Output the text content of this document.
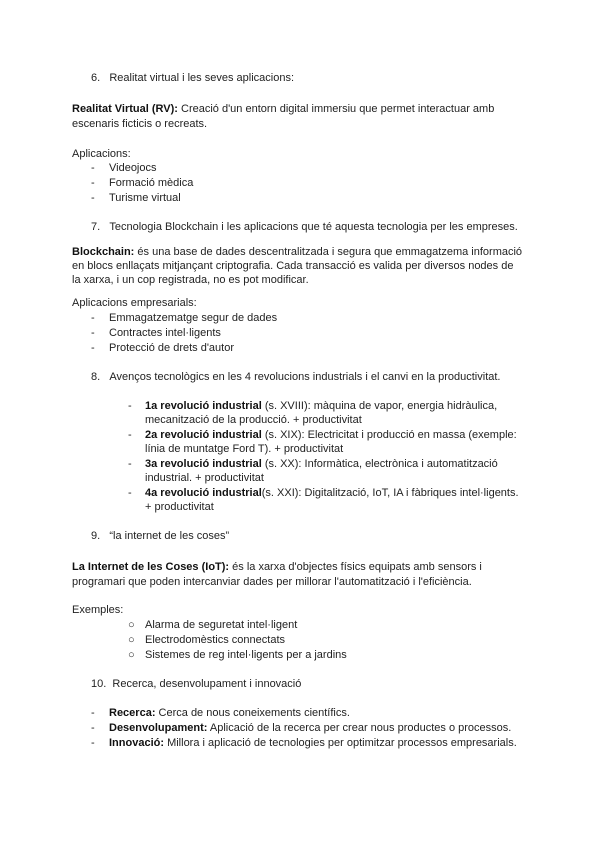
6. Realitat virtual i les seves aplicacions:
Realitat Virtual (RV): Creació d'un entorn digital immersiu que permet interactuar amb
escenaris ficticis o recreats.
Aplicacions:
- Videojocs
- Formació mèdica
- Turisme virtual
7. Tecnologia Blockchain i les aplicacions que té aquesta tecnologia per les empreses.
Blockchain: és una base de dades descentralitzada i segura que emmagatzema informació
en blocs enllaçats mitjançant criptografia. Cada transacció es valida per diversos nodes de
la xarxa, i un cop registrada, no es pot modificar.
Aplicacions empresarials:
- Emmagatzematge segur de dades
- Contractes intel·ligents
- Protecció de drets d'autor
8. Avenços tecnològics en les 4 revolucions industrials i el canvi en la productivitat.
- 1a revolució industrial (s. XVIII): màquina de vapor, energia hidràulica,
mecanització de la producció. + productivitat
- 2a revolució industrial (s. XIX): Electricitat i producció en massa (exemple:
línia de muntatge Ford T). + productivitat
- 3a revolució industrial (s. XX): Informàtica, electrònica i automatització
industrial. + productivitat
- 4a revolució industrial(s. XXI): Digitalització, IoT, IA i fàbriques intel·ligents.
+ productivitat
9. “la internet de les coses”
La Internet de les Coses (IoT): és la xarxa d'objectes físics equipats amb sensors i
programari que poden intercanviar dades per millorar l'automatització i l'eficiència.
Exemples:
○ Alarma de seguretat intel·ligent
○ Electrodomèstics connectats
○ Sistemes de reg intel·ligents per a jardins
10. Recerca, desenvolupament i innovació
- Recerca: Cerca de nous coneixements científics.
- Desenvolupament: Aplicació de la recerca per crear nous productes o processos.
- Innovació: Millora i aplicació de tecnologies per optimitzar processos empresarials.
